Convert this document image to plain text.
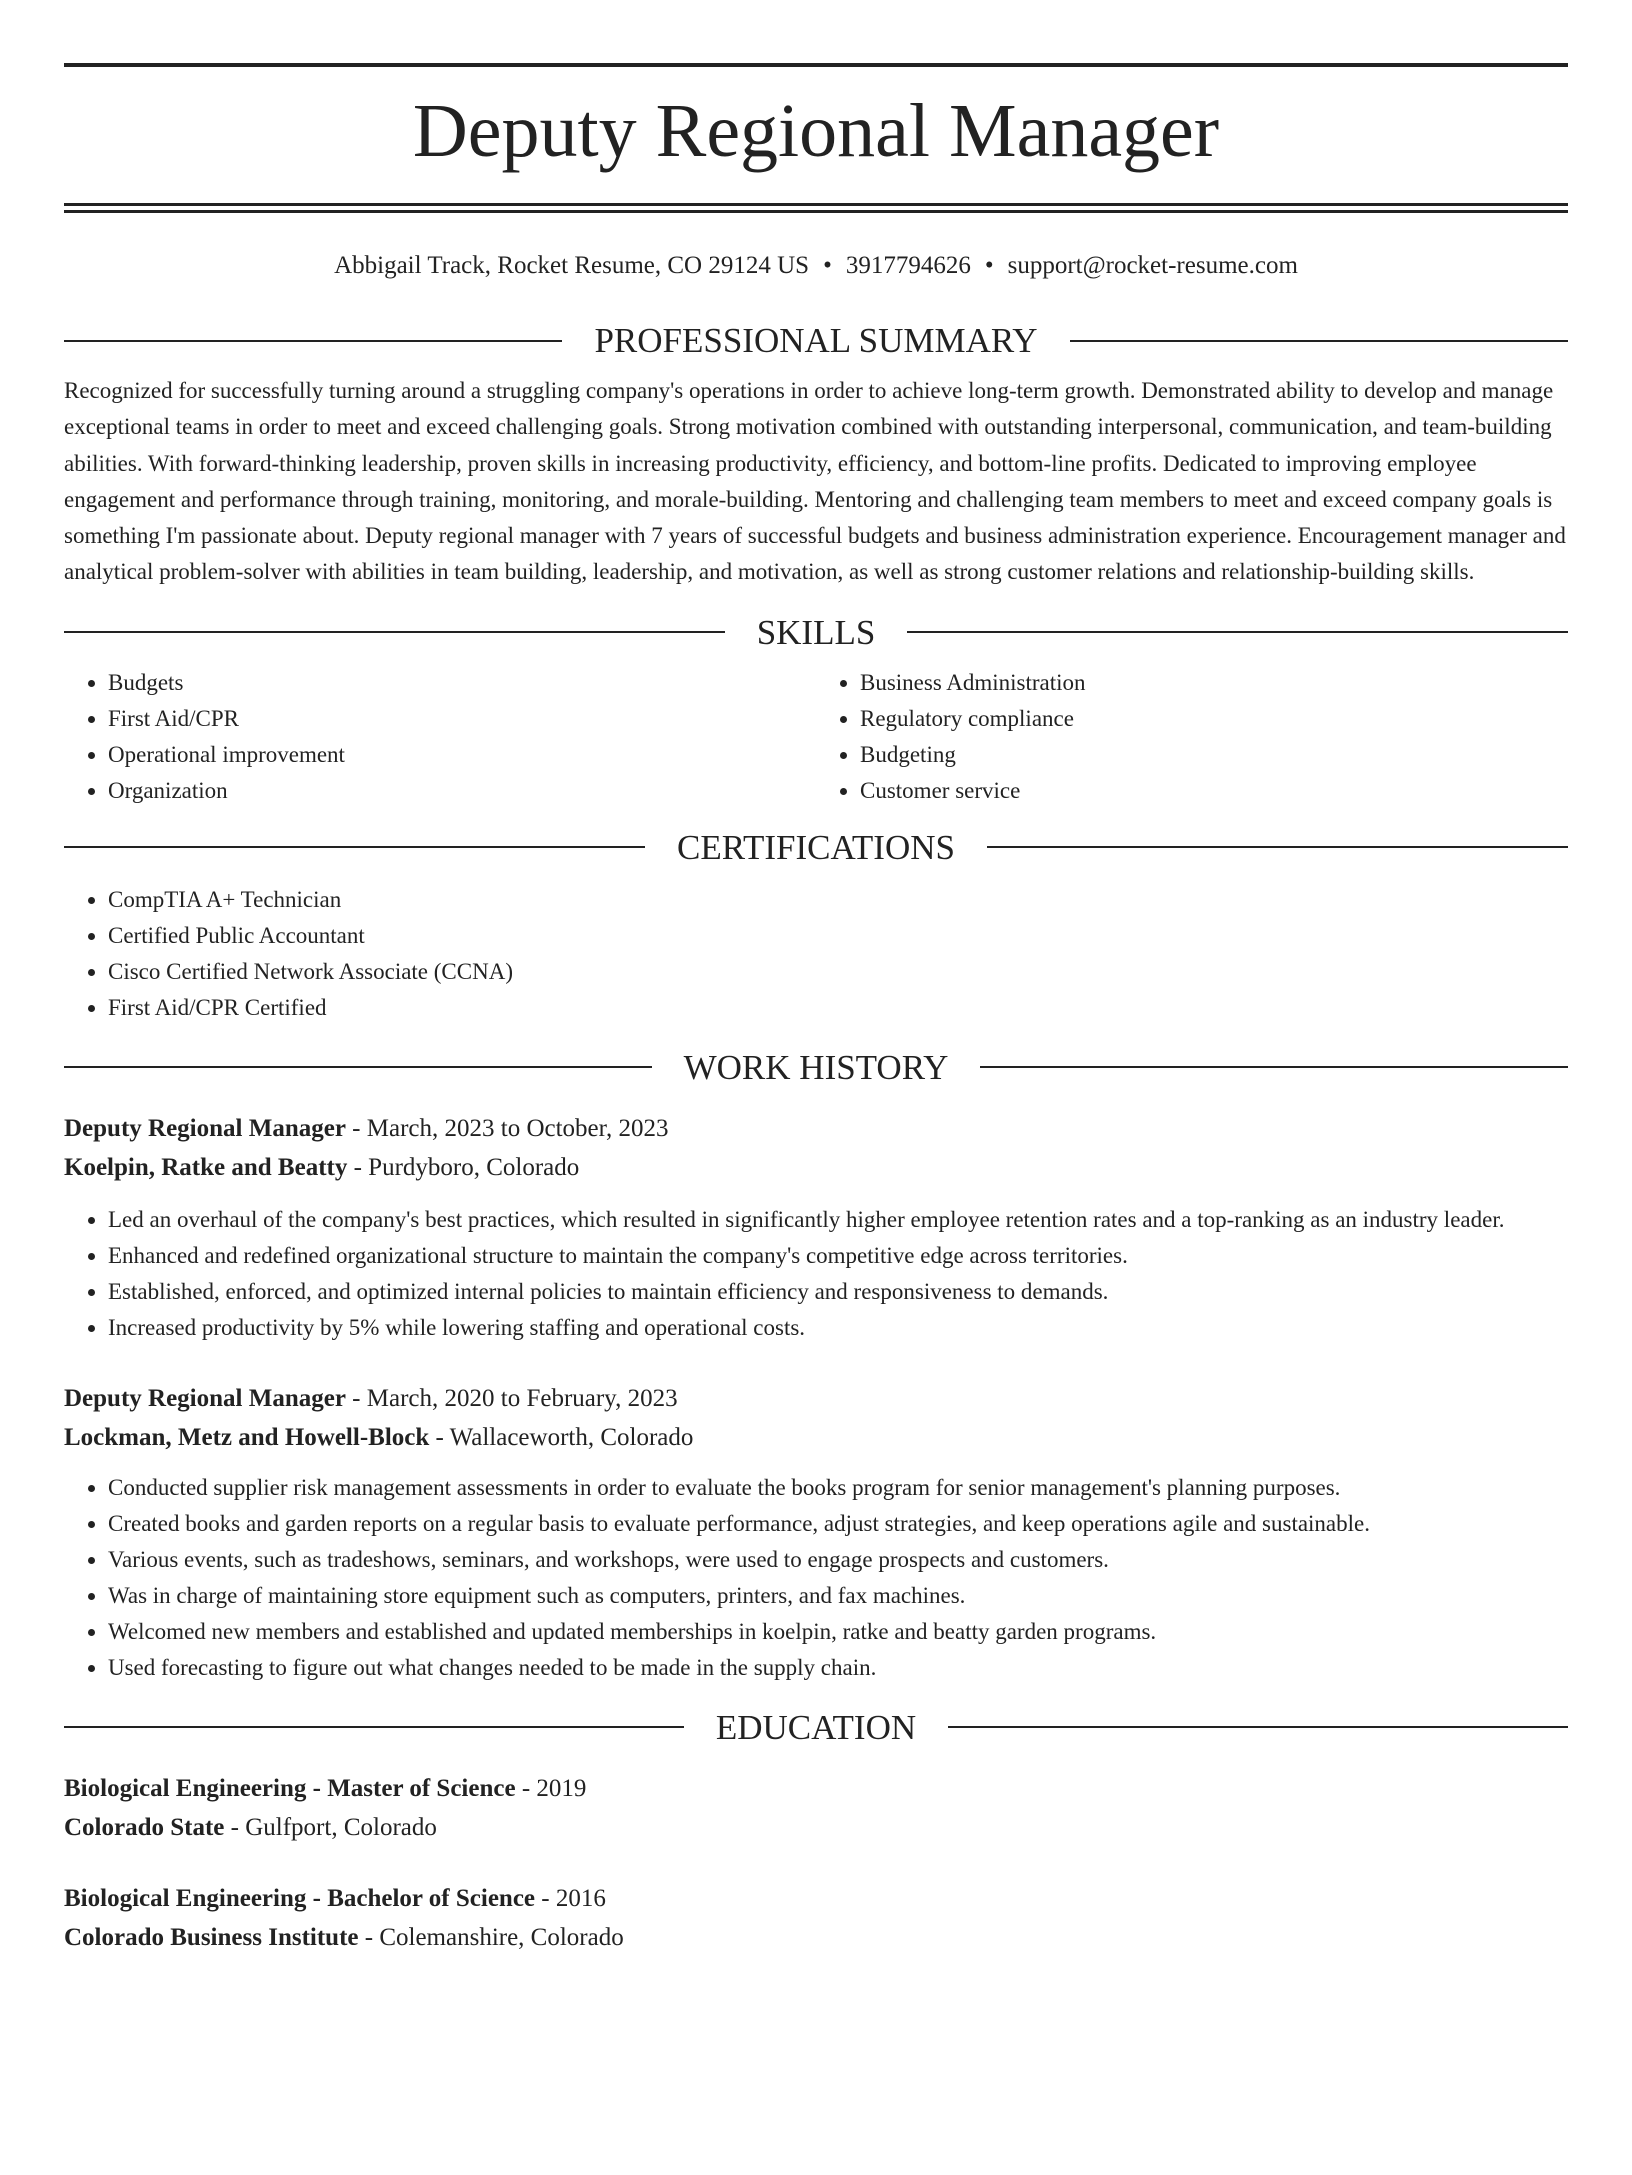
Deputy Regional Manager
Abbigail Track, Rocket Resume, CO 29124 US • 3917794626 • support@rocket-resume.com
PROFESSIONAL SUMMARY

Recognized for successfully turning around a struggling company's operations in order to achieve long-term growth. Demonstrated ability to develop and manage exceptional teams in order to meet and exceed challenging goals. Strong motivation combined with outstanding interpersonal, communication, and team-building abilities. With forward-thinking leadership, proven skills in increasing productivity, efficiency, and bottom-line profits. Dedicated to improving employee engagement and performance through training, monitoring, and morale-building. Mentoring and challenging team members to meet and exceed company goals is something I'm passionate about. Deputy regional manager with 7 years of successful budgets and business administration experience. Encouragement manager and analytical problem-solver with abilities in team building, leadership, and motivation, as well as strong customer relations and relationship-building skills.

SKILLS
• Budgets
• First Aid/CPR
• Operational improvement
• Organization
• Business Administration
• Regulatory compliance
• Budgeting
• Customer service
CERTIFICATIONS
• CompTIA A+ Technician
• Certified Public Accountant
• Cisco Certified Network Associate (CCNA)
• First Aid/CPR Certified
WORK HISTORY

Deputy Regional Manager - March, 2023 to October, 2023

Koelpin, Ratke and Beatty - Purdyboro, Colorado

• Led an overhaul of the company's best practices, which resulted in significantly higher employee retention rates and a top-ranking as an industry leader.
• Enhanced and redefined organizational structure to maintain the company's competitive edge across territories.
• Established, enforced, and optimized internal policies to maintain efficiency and responsiveness to demands.
• Increased productivity by 5% while lowering staffing and operational costs.

Deputy Regional Manager - March, 2020 to February, 2023

Lockman, Metz and Howell-Block - Wallaceworth, Colorado

• Conducted supplier risk management assessments in order to evaluate the books program for senior management's planning purposes.
• Created books and garden reports on a regular basis to evaluate performance, adjust strategies, and keep operations agile and sustainable.
• Various events, such as tradeshows, seminars, and workshops, were used to engage prospects and customers.
• Was in charge of maintaining store equipment such as computers, printers, and fax machines.
• Welcomed new members and established and updated memberships in koelpin, ratke and beatty garden programs.
• Used forecasting to figure out what changes needed to be made in the supply chain.
EDUCATION

Biological Engineering - Master of Science - 2019

Colorado State - Gulfport, Colorado

Biological Engineering - Bachelor of Science - 2016

Colorado Business Institute - Colemanshire, Colorado
